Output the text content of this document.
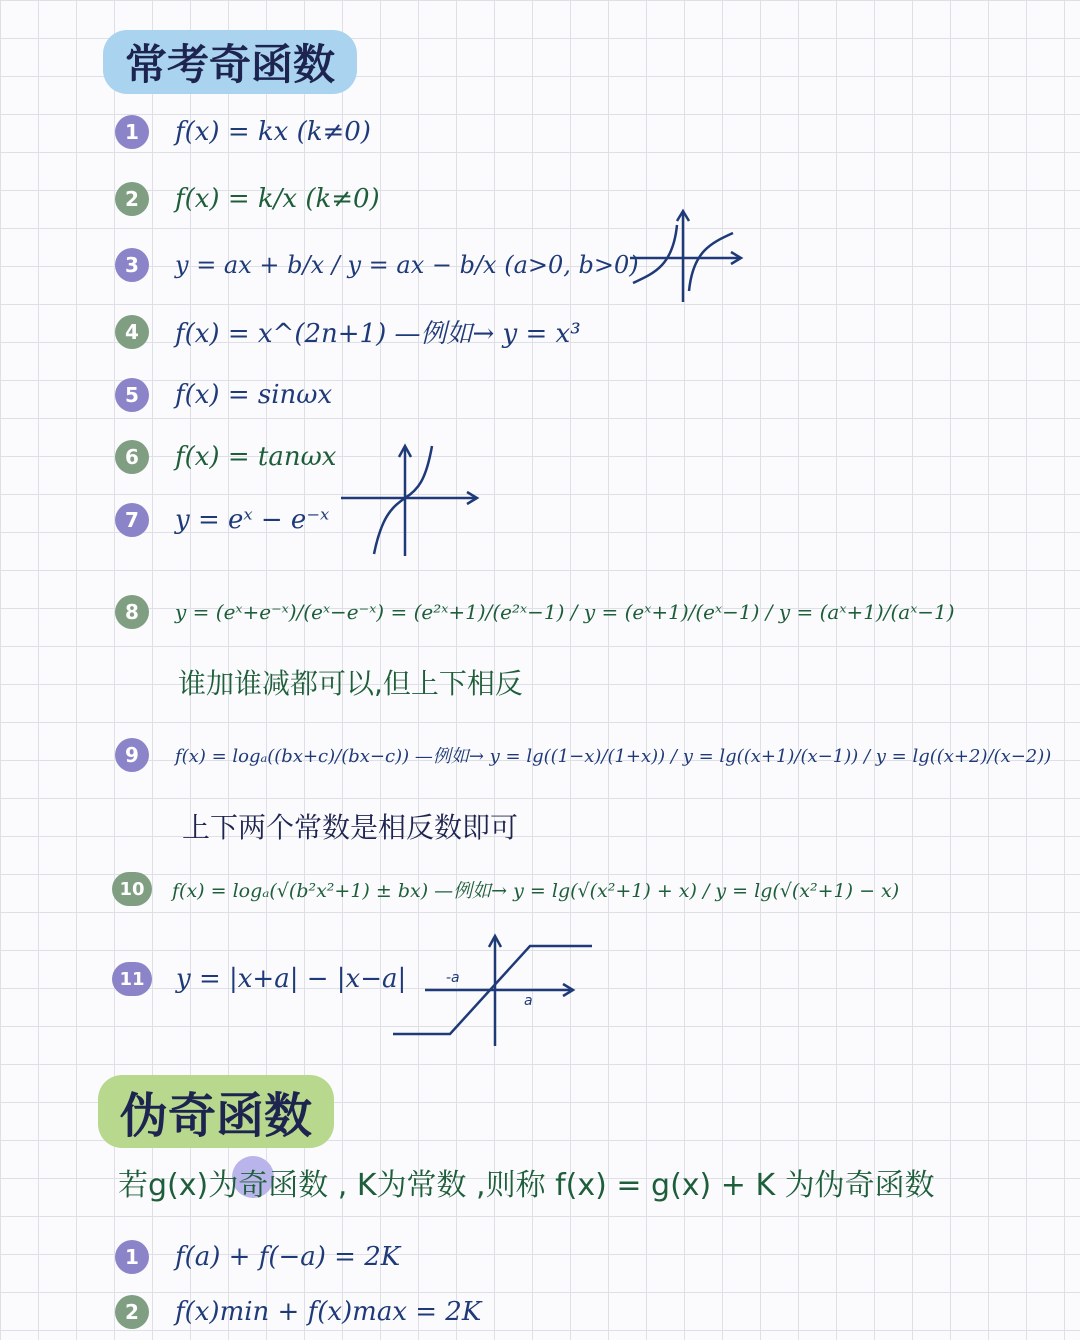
常考奇函数
1	f(x) = kx (k≠0)
2	f(x) = k/x (k≠0)
3	y = ax + b/x / y = ax − b/x (a>0, b>0)
4	f(x) = x^(2n+1) —例如→ y = x³
5	f(x) = sinωx
6	f(x) = tanωx
7	y = eˣ − e⁻ˣ
8	y = (eˣ+e⁻ˣ)/(eˣ−e⁻ˣ) = (e²ˣ+1)/(e²ˣ−1) / y = (eˣ+1)/(eˣ−1) / y = (aˣ+1)/(aˣ−1)
谁加谁减都可以,但上下相反
9	f(x) = logₐ((bx+c)/(bx−c)) —例如→ y = lg((1−x)/(1+x)) / y = lg((x+1)/(x−1)) / y = lg((x+2)/(x−2))
上下两个常数是相反数即可
10	f(x) = logₐ(√(b²x²+1) ± bx) —例如→ y = lg(√(x²+1) + x) / y = lg(√(x²+1) − x)
11 y = |x+a| − |x−a|	-a
a
伪奇函数
若g(x)为奇函数 , K为常数 ,则称 f(x) = g(x) + K 为伪奇函数
1	f(a) + f(−a) = 2K
2	f(x)min + f(x)max = 2K
